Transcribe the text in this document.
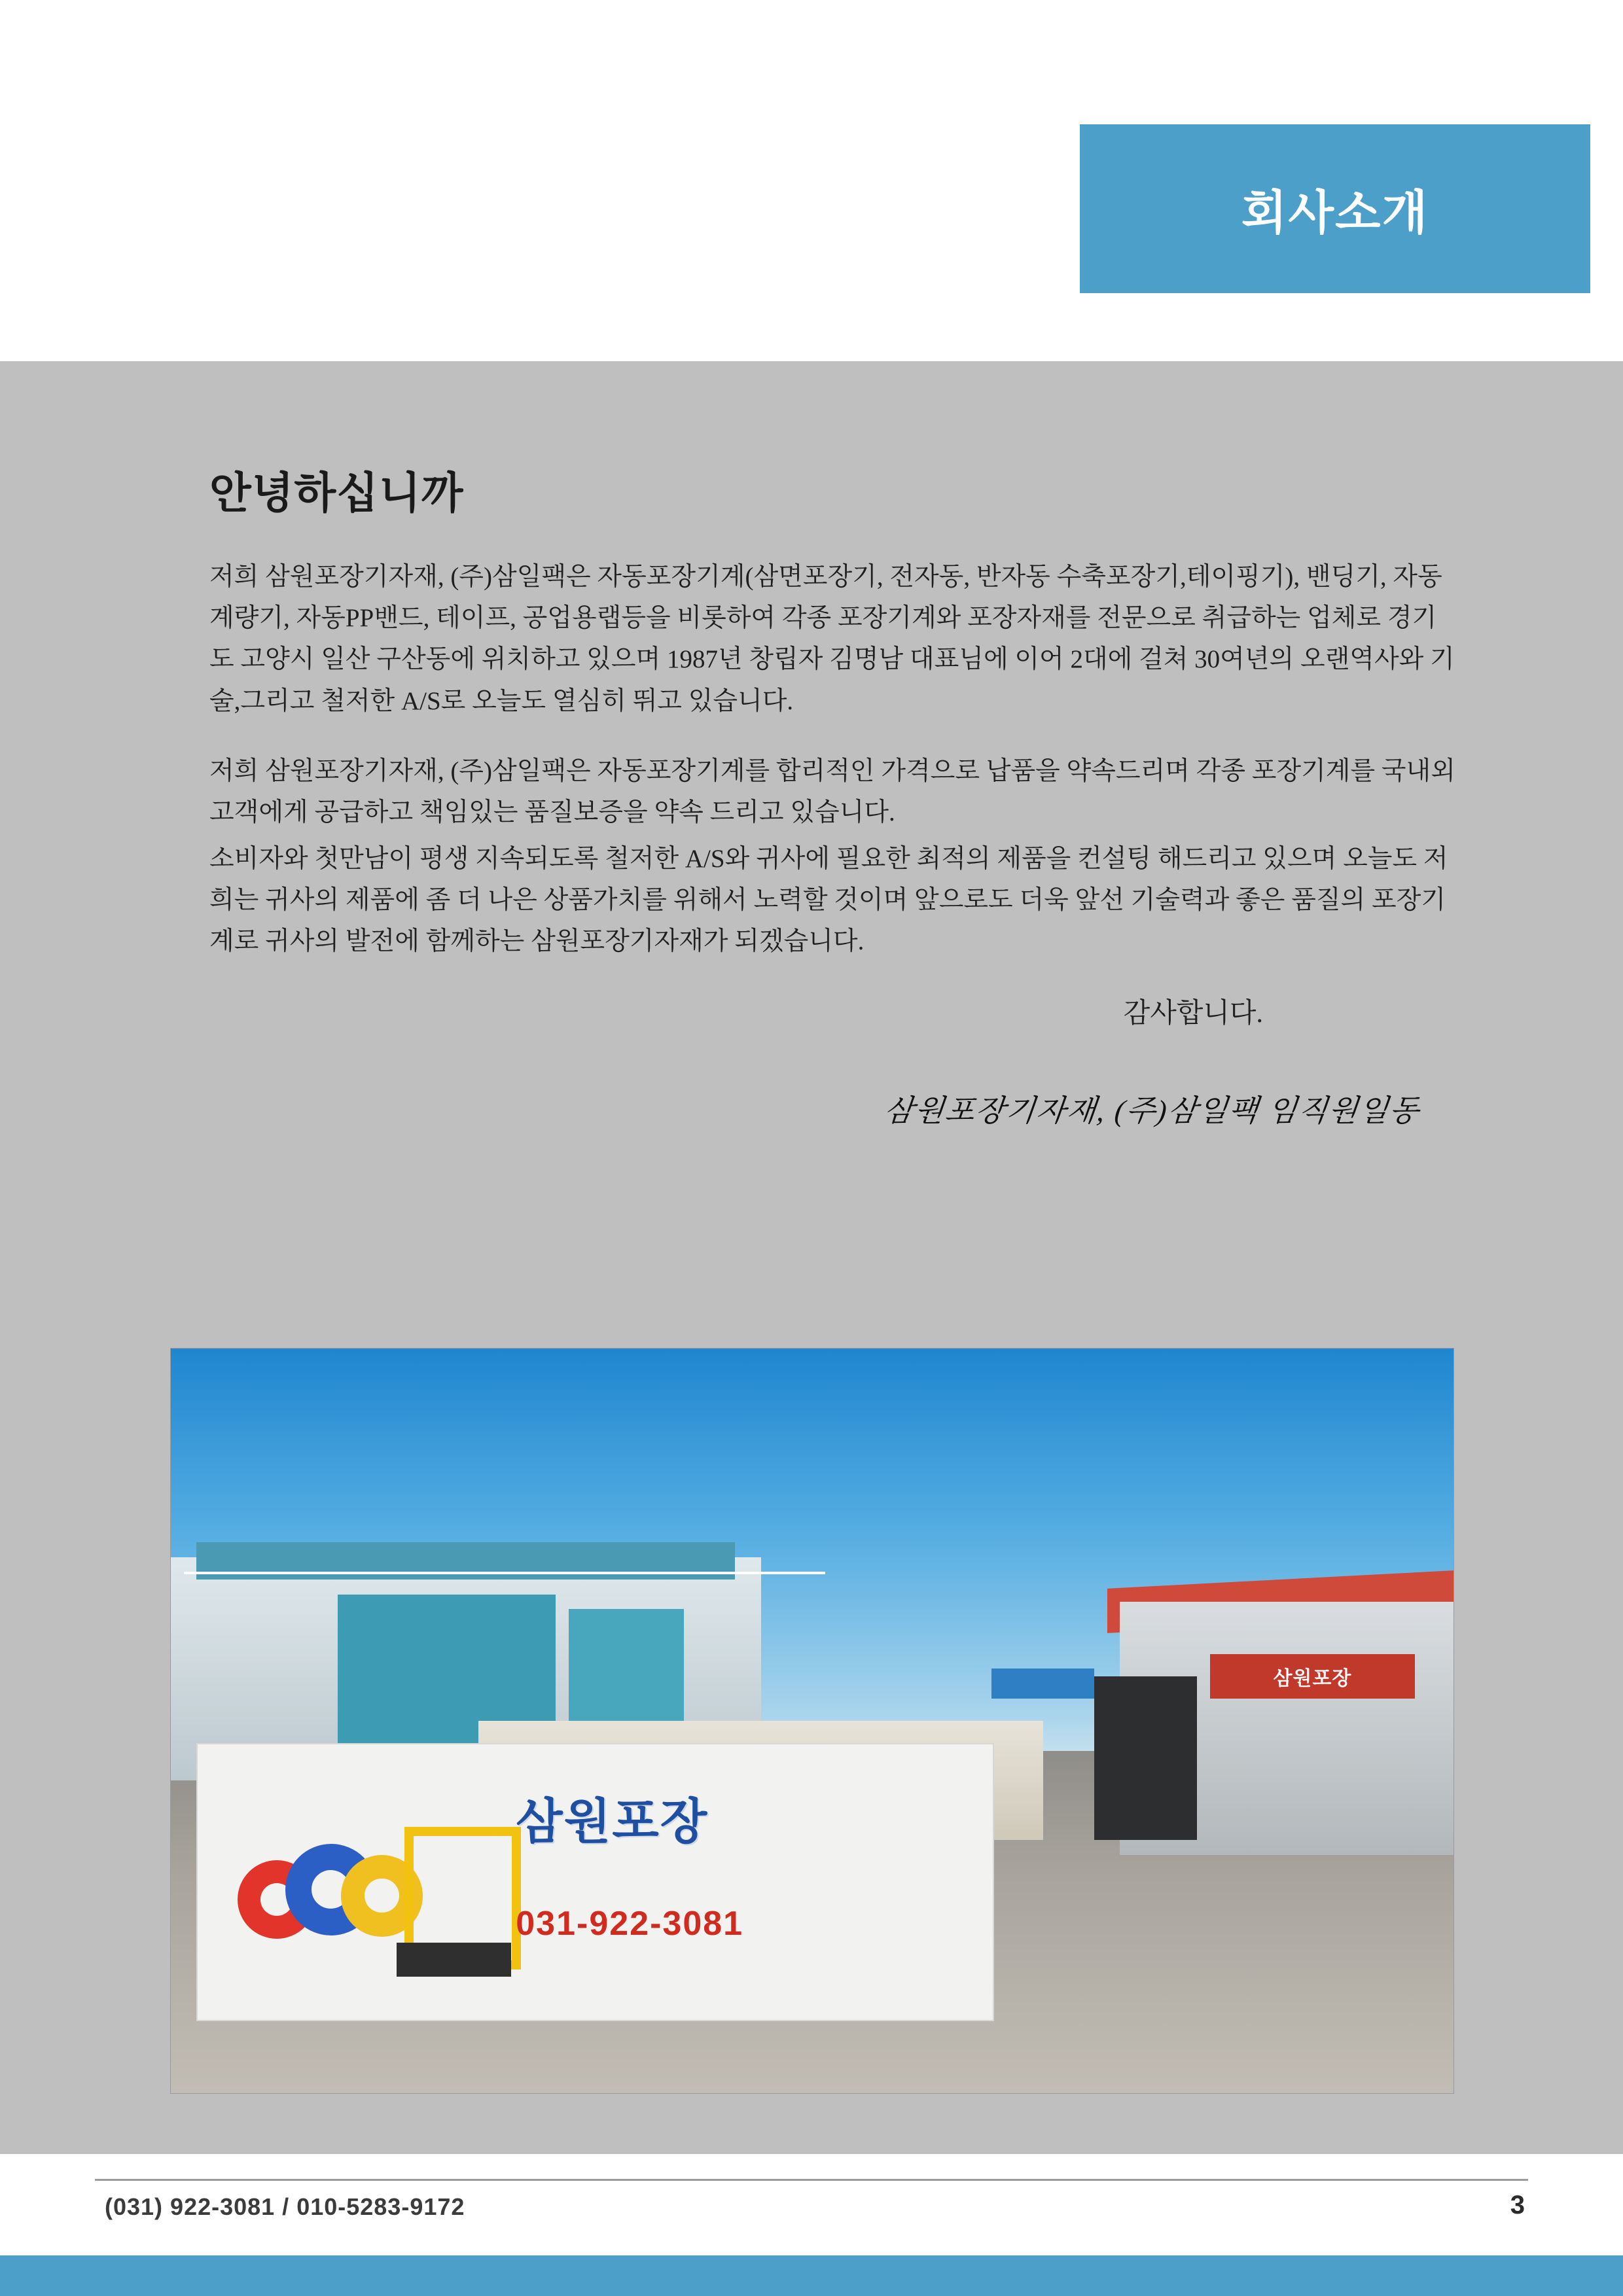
회사소개
안녕하십니까

저희 삼원포장기자재, (주)삼일팩은 자동포장기계(삼면포장기, 전자동, 반자동 수축포장기,테이핑기), 밴딩기, 자동계량기, 자동PP밴드, 테이프, 공업용랩등을 비롯하여 각종 포장기계와 포장자재를 전문으로 취급하는 업체로 경기도 고양시 일산 구산동에 위치하고 있으며 1987년 창립자 김명남 대표님에 이어 2대에 걸쳐 30여년의 오랜역사와 기술,그리고 철저한 A/S로 오늘도 열심히 뛰고 있습니다.

저희 삼원포장기자재, (주)삼일팩은 자동포장기계를 합리적인 가격으로 납품을 약속드리며 각종 포장기계를 국내외 고객에게 공급하고 책임있는 품질보증을 약속 드리고 있습니다.

소비자와 첫만남이 평생 지속되도록 철저한 A/S와 귀사에 필요한 최적의 제품을 컨설팅 해드리고 있으며 오늘도 저희는 귀사의 제품에 좀 더 나은 상품가치를 위해서 노력할 것이며 앞으로도 더욱 앞선 기술력과 좋은 품질의 포장기계로 귀사의 발전에 함께하는 삼원포장기자재가 되겠습니다.

감사합니다.
삼원포장기자재, (주)삼일팩 임직원일동
삼원포장
삼원포장
031-922-3081
(031) 922-3081 / 010-5283-9172	3
